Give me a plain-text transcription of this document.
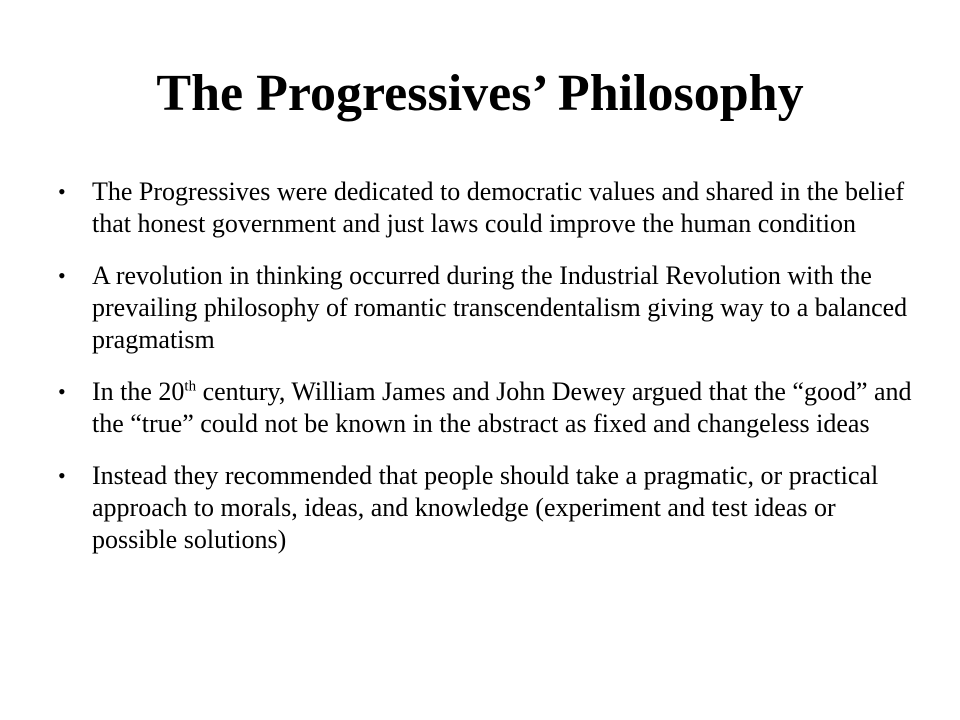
The Progressives’ Philosophy
• The Progressives were dedicated to democratic values and shared in the belief that honest government and just laws could improve the human condition
• A revolution in thinking occurred during the Industrial Revolution with the prevailing philosophy of romantic transcendentalism giving way to a balanced pragmatism
• In the 20th century, William James and John Dewey argued that the “good” and the “true” could not be known in the abstract as fixed and changeless ideas
• Instead they recommended that people should take a pragmatic, or practical approach to morals, ideas, and knowledge (experiment and test ideas or possible solutions)
